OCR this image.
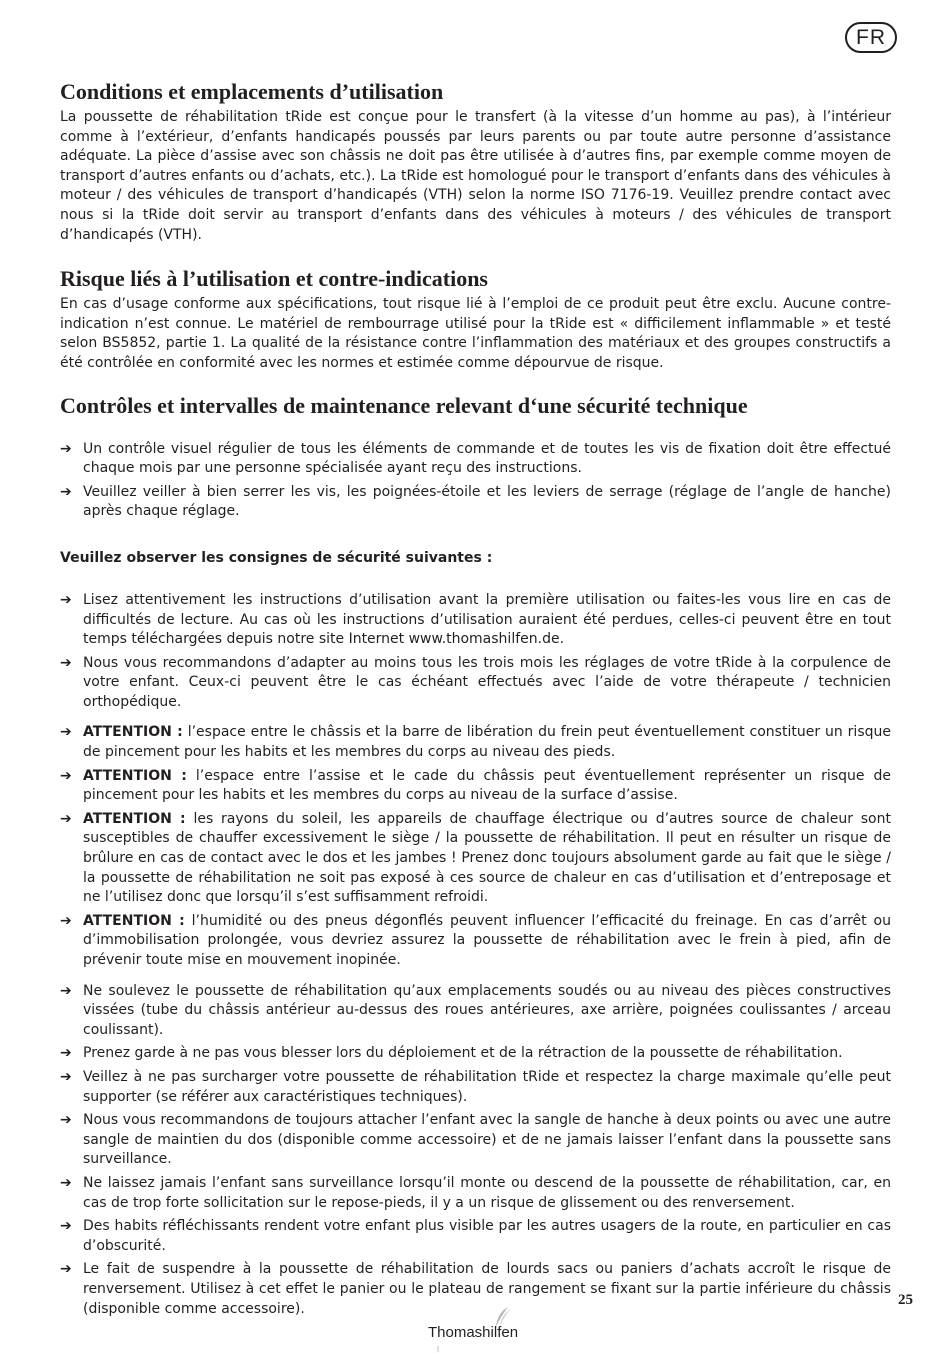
FR
Conditions et emplacements d’utilisation

La poussette de réhabilitation tRide est conçue pour le transfert (à la vitesse d’un homme au pas), à l’intérieur comme à l’extérieur, d’enfants handicapés poussés par leurs parents ou par toute autre personne d’assistance adéquate. La pièce d’assise avec son châssis ne doit pas être utilisée à d’autres fins, par exemple comme moyen de transport d’autres enfants ou d’achats, etc.). La tRide est homologué pour le transport d’enfants dans des véhicules à moteur / des véhicules de transport d’handicapés (VTH) selon la norme ISO 7176-19. Veuillez prendre contact avec nous si la tRide doit servir au transport d’enfants dans des véhicules à moteurs / des véhicules de transport d’handicapés (VTH).

Risque liés à l’utilisation et contre-indications

En cas d’usage conforme aux spécifications, tout risque lié à l’emploi de ce produit peut être exclu. Aucune contre-indication n’est connue. Le matériel de rembourrage utilisé pour la tRide est « difficilement inflammable » et testé selon BS5852, partie 1. La qualité de la résistance contre l’inflammation des matériaux et des groupes constructifs a été contrôlée en conformité avec les normes et estimée comme dépourvue de risque.

Contrôles et intervalles de maintenance relevant d‘une sécurité technique
➔ Un contrôle visuel régulier de tous les éléments de commande et de toutes les vis de fixation doit être effectué chaque mois par une personne spécialisée ayant reçu des instructions.
➔ Veuillez veiller à bien serrer les vis, les poignées-étoile et les leviers de serrage (réglage de l’angle de hanche) après chaque réglage.
Veuillez observer les consignes de sécurité suivantes :
➔ Lisez attentivement les instructions d’utilisation avant la première utilisation ou faites-les vous lire en cas de difficultés de lecture. Au cas où les instructions d’utilisation auraient été perdues, celles-ci peuvent être en tout temps téléchargées depuis notre site Internet www.thomashilfen.de.
➔ Nous vous recommandons d’adapter au moins tous les trois mois les réglages de votre tRide à la corpulence de votre enfant. Ceux-ci peuvent être le cas échéant effectués avec l’aide de votre thérapeute / technicien orthopédique.
➔ ATTENTION : l’espace entre le châssis et la barre de libération du frein peut éventuellement constituer un risque de pincement pour les habits et les membres du corps au niveau des pieds.
➔ ATTENTION : l’espace entre l’assise et le cade du châssis peut éventuellement représenter un risque de pincement pour les habits et les membres du corps au niveau de la surface d’assise.
➔ ATTENTION : les rayons du soleil, les appareils de chauffage électrique ou d’autres source de chaleur sont susceptibles de chauffer excessivement le siège / la poussette de réhabilitation. Il peut en résulter un risque de brûlure en cas de contact avec le dos et les jambes ! Prenez donc toujours absolument garde au fait que le siège / la poussette de réhabilitation ne soit pas exposé à ces source de chaleur en cas d’utilisation et d’entreposage et ne l’utilisez donc que lorsqu’il s’est suffisamment refroidi.
➔ ATTENTION : l’humidité ou des pneus dégonflés peuvent influencer l’efficacité du freinage. En cas d’arrêt ou d’immobilisation prolongée, vous devriez assurez la poussette de réhabilitation avec le frein à pied, afin de prévenir toute mise en mouvement inopinée.
➔ Ne soulevez le poussette de réhabilitation qu’aux emplacements soudés ou au niveau des pièces constructives vissées (tube du châssis antérieur au-dessus des roues antérieures, axe arrière, poignées coulissantes / arceau coulissant).
➔ Prenez garde à ne pas vous blesser lors du déploiement et de la rétraction de la poussette de réhabilitation.
➔ Veillez à ne pas surcharger votre poussette de réhabilitation tRide et respectez la charge maximale qu’elle peut supporter (se référer aux caractéristiques techniques).
➔ Nous vous recommandons de toujours attacher l’enfant avec la sangle de hanche à deux points ou avec une autre sangle de maintien du dos (disponible comme accessoire) et de ne jamais laisser l’enfant dans la poussette sans surveillance.
➔ Ne laissez jamais l’enfant sans surveillance lorsqu’il monte ou descend de la poussette de réhabilitation, car, en cas de trop forte sollicitation sur le repose-pieds, il y a un risque de glissement ou des renversement.
➔ Des habits réfléchissants rendent votre enfant plus visible par les autres usagers de la route, en particulier en cas d’obscurité.
➔ Le fait de suspendre à la poussette de réhabilitation de lourds sacs ou paniers d’achats accroît le risque de renversement. Utilisez à cet effet le panier ou le plateau de rangement se fixant sur la partie inférieure du châssis (disponible comme accessoire).
25
Thomashilfen
|
